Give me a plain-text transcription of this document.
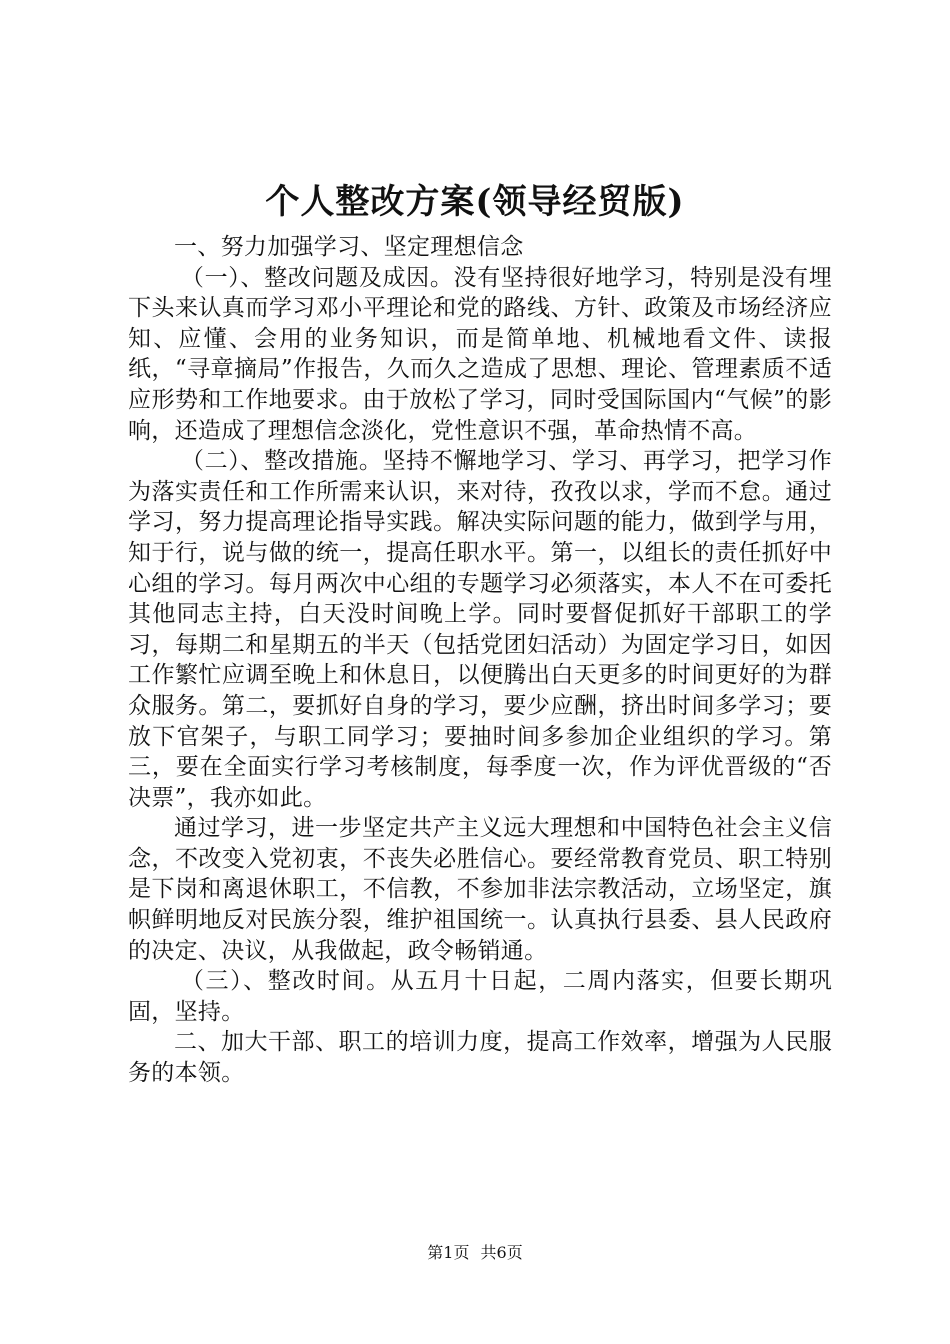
个人整改方案(领导经贸版)

一、努力加强学习、坚定理想信念

（一）、整改问题及成因。没有坚持很好地学习，特别是没有埋下头来认真而学习邓小平理论和党的路线、方针、政策及市场经济应知、应懂、会用的业务知识，而是简单地、机械地看文件、读报纸，“寻章摘局”作报告，久而久之造成了思想、理论、管理素质不适应形势和工作地要求。由于放松了学习，同时受国际国内“气候”的影响，还造成了理想信念淡化，党性意识不强，革命热情不高。

（二）、整改措施。坚持不懈地学习、学习、再学习，把学习作为落实责任和工作所需来认识，来对待，孜孜以求，学而不怠。通过学习，努力提高理论指导实践。解决实际问题的能力，做到学与用，知于行，说与做的统一，提高任职水平。第一，以组长的责任抓好中心组的学习。每月两次中心组的专题学习必须落实，本人不在可委托其他同志主持，白天没时间晚上学。同时要督促抓好干部职工的学习，每期二和星期五的半天（包括党团妇活动）为固定学习日，如因工作繁忙应调至晚上和休息日，以便腾出白天更多的时间更好的为群众服务。第二，要抓好自身的学习，要少应酬，挤出时间多学习；要放下官架子，与职工同学习；要抽时间多参加企业组织的学习。第三，要在全面实行学习考核制度，每季度一次，作为评优晋级的“否决票”，我亦如此。

通过学习，进一步坚定共产主义远大理想和中国特色社会主义信念，不改变入党初衷，不丧失必胜信心。要经常教育党员、职工特别是下岗和离退休职工，不信教，不参加非法宗教活动，立场坚定，旗帜鲜明地反对民族分裂，维护祖国统一。认真执行县委、县人民政府的决定、决议，从我做起，政令畅销通。

（三）、整改时间。从五月十日起，二周内落实，但要长期巩固，坚持。

二、加大干部、职工的培训力度，提高工作效率，增强为人民服务的本领。

第1页 共6页
